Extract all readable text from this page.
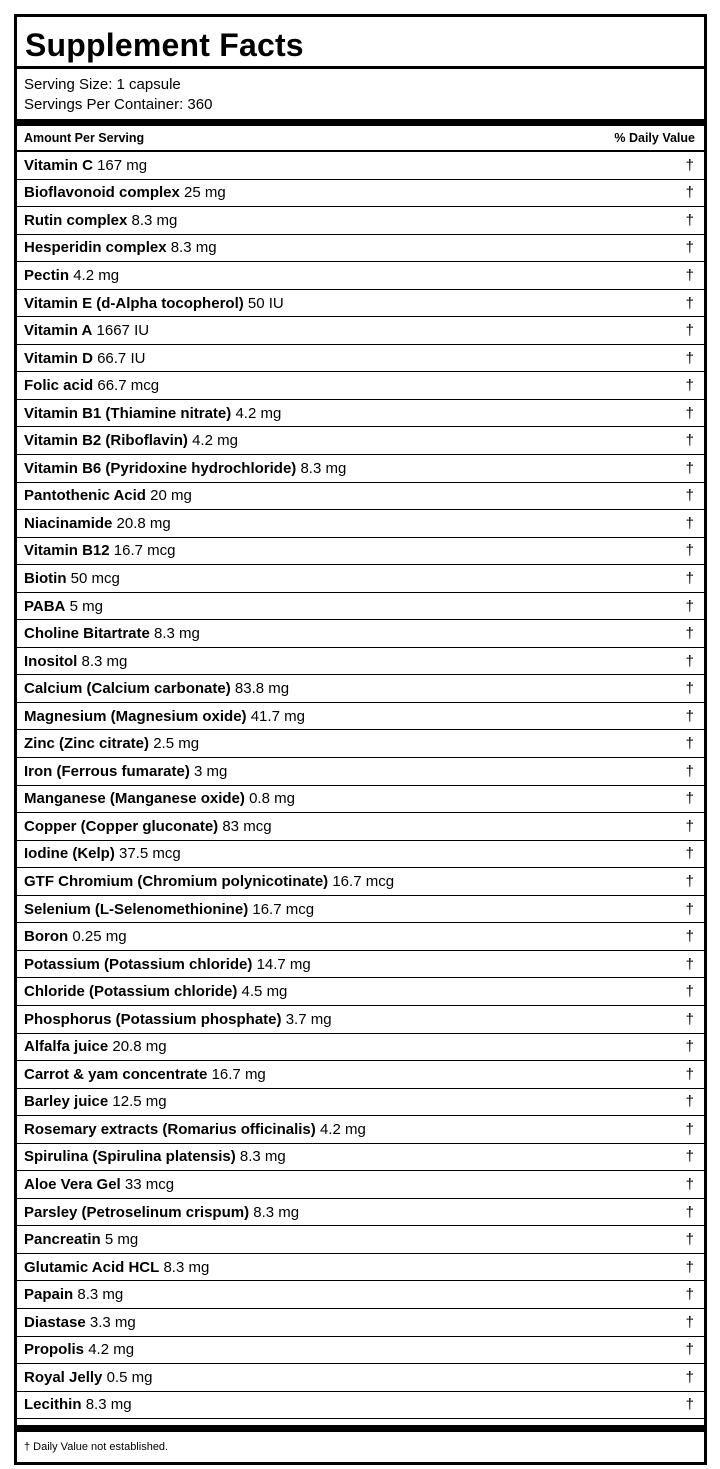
Supplement Facts
Serving Size: 1 capsule
Servings Per Container: 360
Amount Per Serving	% Daily Value
Vitamin C 167 mg	†
Bioflavonoid complex 25 mg	†
Rutin complex 8.3 mg	†
Hesperidin complex 8.3 mg	†
Pectin 4.2 mg	†
Vitamin E (d-Alpha tocopherol) 50 IU	†
Vitamin A 1667 IU	†
Vitamin D 66.7 IU	†
Folic acid 66.7 mcg	†
Vitamin B1 (Thiamine nitrate) 4.2 mg	†
Vitamin B2 (Riboflavin) 4.2 mg	†
Vitamin B6 (Pyridoxine hydrochloride) 8.3 mg	†
Pantothenic Acid 20 mg	†
Niacinamide 20.8 mg	†
Vitamin B12 16.7 mcg	†
Biotin 50 mcg	†
PABA 5 mg	†
Choline Bitartrate 8.3 mg	†
Inositol 8.3 mg	†
Calcium (Calcium carbonate) 83.8 mg	†
Magnesium (Magnesium oxide) 41.7 mg	†
Zinc (Zinc citrate) 2.5 mg	†
Iron (Ferrous fumarate) 3 mg	†
Manganese (Manganese oxide) 0.8 mg	†
Copper (Copper gluconate) 83 mcg	†
Iodine (Kelp) 37.5 mcg	†
GTF Chromium (Chromium polynicotinate) 16.7 mcg	†
Selenium (L-Selenomethionine) 16.7 mcg	†
Boron 0.25 mg	†
Potassium (Potassium chloride) 14.7 mg	†
Chloride (Potassium chloride) 4.5 mg	†
Phosphorus (Potassium phosphate) 3.7 mg	†
Alfalfa juice 20.8 mg	†
Carrot & yam concentrate 16.7 mg	†
Barley juice 12.5 mg	†
Rosemary extracts (Romarius officinalis) 4.2 mg	†
Spirulina (Spirulina platensis) 8.3 mg	†
Aloe Vera Gel 33 mcg	†
Parsley (Petroselinum crispum) 8.3 mg	†
Pancreatin 5 mg	†
Glutamic Acid HCL 8.3 mg	†
Papain 8.3 mg	†
Diastase 3.3 mg	†
Propolis 4.2 mg	†
Royal Jelly 0.5 mg	†
Lecithin 8.3 mg	†
† Daily Value not established.
